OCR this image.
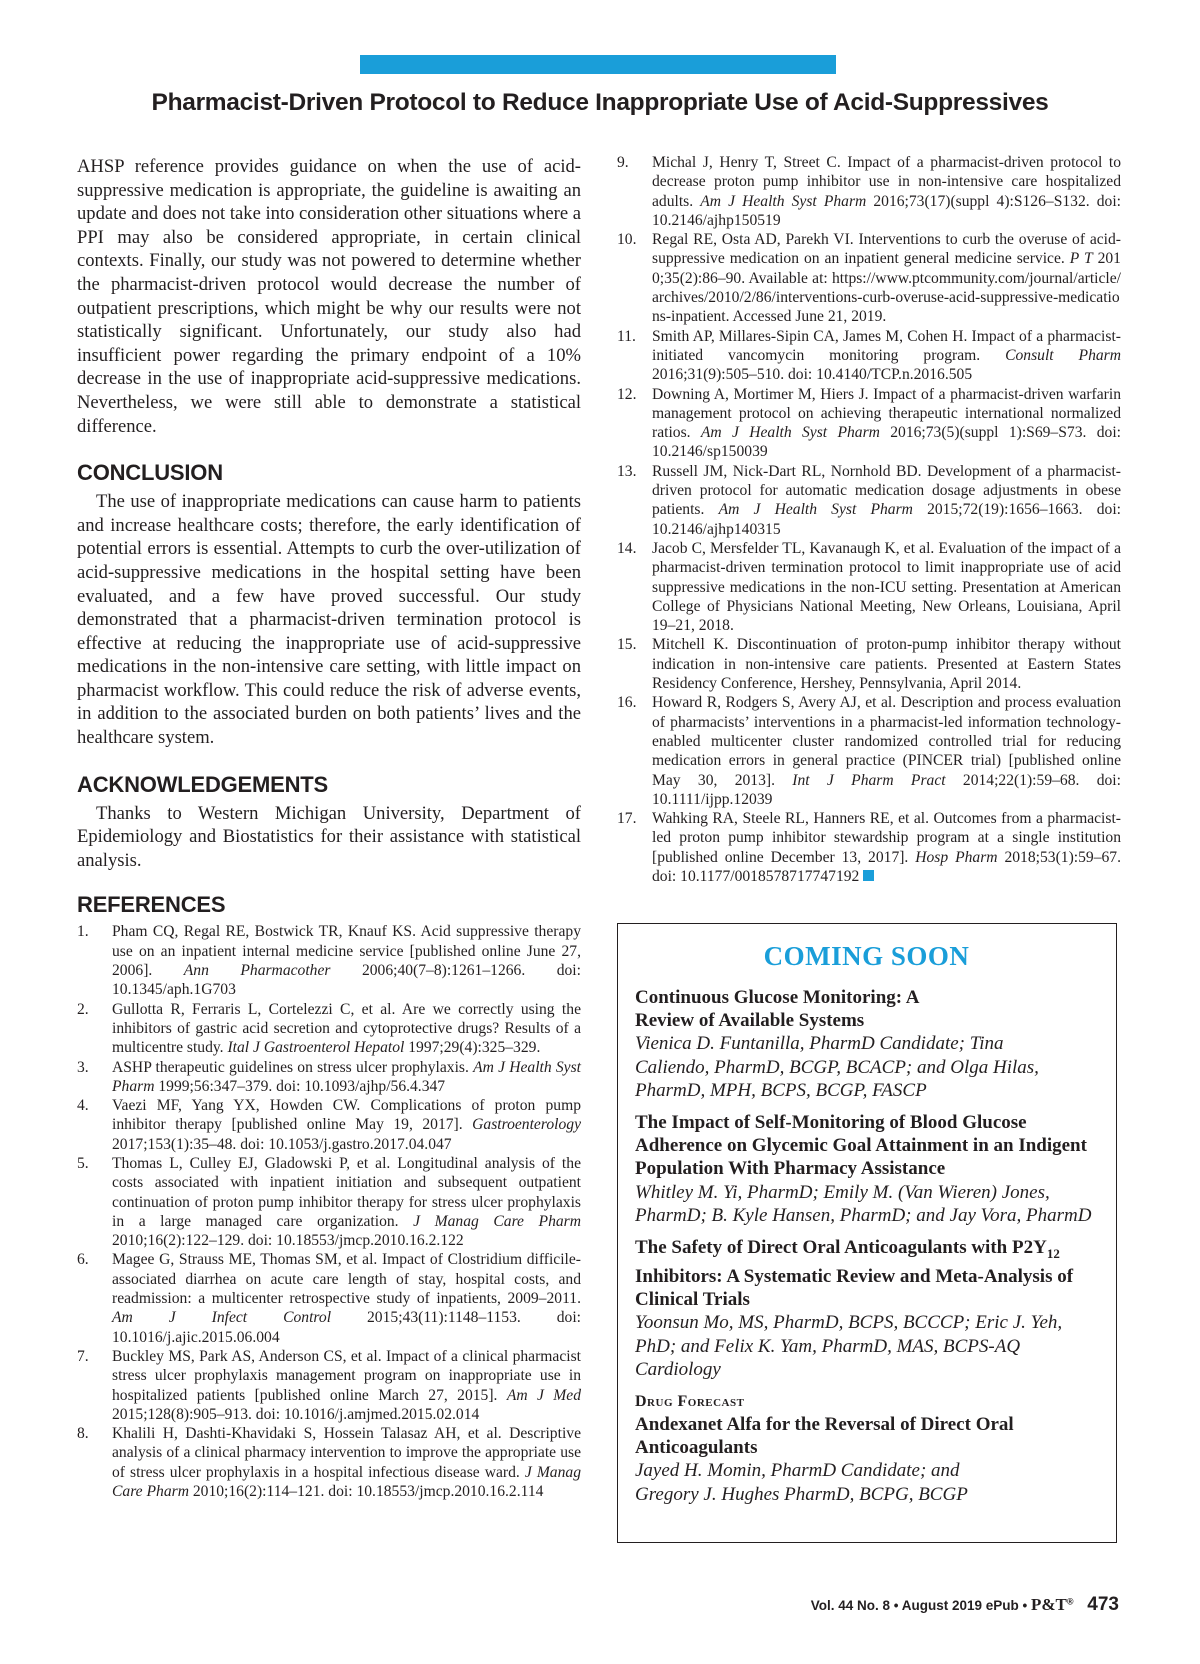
Pharmacist-Driven Protocol to Reduce Inappropriate Use of Acid-Suppressives

AHSP reference provides guidance on when the use of acid-suppressive medication is appropriate, the guideline is awaiting an update and does not take into consideration other situations where a PPI may also be considered appropriate, in certain clinical contexts. Finally, our study was not powered to determine whether the pharmacist-driven protocol would decrease the number of outpatient prescriptions, which might be why our results were not statistically significant. Unfortunately, our study also had insufficient power regarding the primary endpoint of a 10% decrease in the use of inappropriate acid-suppressive medications. Nevertheless, we were still able to demonstrate a statistical difference.

CONCLUSION

The use of inappropriate medications can cause harm to patients and increase healthcare costs; therefore, the early identification of potential errors is essential. Attempts to curb the over-utilization of acid-suppressive medications in the hospital setting have been evaluated, and a few have proved successful. Our study demonstrated that a pharmacist-driven termination protocol is effective at reducing the inappropriate use of acid-suppressive medications in the non-intensive care setting, with little impact on pharmacist workflow. This could reduce the risk of adverse events, in addition to the associated burden on both patients’ lives and the healthcare system.

ACKNOWLEDGEMENTS

Thanks to Western Michigan University, Department of Epidemiology and Biostatistics for their assistance with statistical analysis.

REFERENCES
1. Pham CQ, Regal RE, Bostwick TR, Knauf KS. Acid suppressive therapy use on an inpatient internal medicine service [published online June 27, 2006]. Ann Pharmacother 2006;40(7–8):1261–1266. doi: 10.1345/aph.1G703
2. Gullotta R, Ferraris L, Cortelezzi C, et al. Are we correctly using the inhibitors of gastric acid secretion and cytoprotective drugs? Results of a multicentre study. Ital J Gastroenterol Hepatol 1997;29(4):325–329.
3. ASHP therapeutic guidelines on stress ulcer prophylaxis. Am J Health Syst Pharm 1999;56:347–379. doi: 10.1093/ajhp/56.4.347
4. Vaezi MF, Yang YX, Howden CW. Complications of proton pump inhibitor therapy [published online May 19, 2017]. Gastroenterology 2017;153(1):35–48. doi: 10.1053/j.gastro.2017.04.047
5. Thomas L, Culley EJ, Gladowski P, et al. Longitudinal analysis of the costs associated with inpatient initiation and subsequent outpatient continuation of proton pump inhibitor therapy for stress ulcer prophylaxis in a large managed care organization. J Manag Care Pharm 2010;16(2):122–129. doi: 10.18553/jmcp.2010.16.2.122
6. Magee G, Strauss ME, Thomas SM, et al. Impact of Clostridium difficile-associated diarrhea on acute care length of stay, hospital costs, and readmission: a multicenter retrospective study of inpatients, 2009–2011. Am J Infect Control 2015;43(11):1148–1153. doi: 10.1016/j.ajic.2015.06.004
7. Buckley MS, Park AS, Anderson CS, et al. Impact of a clinical pharmacist stress ulcer prophylaxis management program on inappropriate use in hospitalized patients [published online March 27, 2015]. Am J Med 2015;128(8):905–913. doi: 10.1016/j.amjmed.2015.02.014
8. Khalili H, Dashti-Khavidaki S, Hossein Talasaz AH, et al. Descriptive analysis of a clinical pharmacy intervention to improve the appropriate use of stress ulcer prophylaxis in a hospital infectious disease ward. J Manag Care Pharm 2010;16(2):114–121. doi: 10.18553/jmcp.2010.16.2.114
9. Michal J, Henry T, Street C. Impact of a pharmacist-driven protocol to decrease proton pump inhibitor use in non-intensive care hospitalized adults. Am J Health Syst Pharm 2016;73(17)(suppl 4):S126–S132. doi: 10.2146/ajhp150519
10. Regal RE, Osta AD, Parekh VI. Interventions to curb the overuse of acid-suppressive medication on an inpatient general medicine service. P T 2010;35(2):86–90. Available at: https://www.ptcommunity.com/journal/article/archives/2010/2/86/interventions-curb-overuse-acid-suppressive-medications-inpatient. Accessed June 21, 2019.
11. Smith AP, Millares-Sipin CA, James M, Cohen H. Impact of a pharmacist-initiated vancomycin monitoring program. Consult Pharm 2016;31(9):505–510. doi: 10.4140/TCP.n.2016.505
12. Downing A, Mortimer M, Hiers J. Impact of a pharmacist-driven warfarin management protocol on achieving therapeutic international normalized ratios. Am J Health Syst Pharm 2016;73(5)(suppl 1):S69–S73. doi: 10.2146/sp150039
13. Russell JM, Nick-Dart RL, Nornhold BD. Development of a pharmacist-driven protocol for automatic medication dosage adjustments in obese patients. Am J Health Syst Pharm 2015;72(19):1656–1663. doi: 10.2146/ajhp140315
14. Jacob C, Mersfelder TL, Kavanaugh K, et al. Evaluation of the impact of a pharmacist-driven termination protocol to limit inappropriate use of acid suppressive medications in the non-ICU setting. Presentation at American College of Physicians National Meeting, New Orleans, Louisiana, April 19–21, 2018.
15. Mitchell K. Discontinuation of proton-pump inhibitor therapy without indication in non-intensive care patients. Presented at Eastern States Residency Conference, Hershey, Pennsylvania, April 2014.
16. Howard R, Rodgers S, Avery AJ, et al. Description and process evaluation of pharmacists’ interventions in a pharmacist-led information technology-enabled multicenter cluster randomized controlled trial for reducing medication errors in general practice (PINCER trial) [published online May 30, 2013]. Int J Pharm Pract 2014;22(1):59–68. doi: 10.1111/ijpp.12039
17. Wahking RA, Steele RL, Hanners RE, et al. Outcomes from a pharmacist-led proton pump inhibitor stewardship program at a single institution [published online December 13, 2017]. Hosp Pharm 2018;53(1):59–67. doi: 10.1177/0018578717747192
COMING SOON

Continuous Glucose Monitoring: A Review of Available Systems

Vienica D. Funtanilla, PharmD Candidate; Tina Caliendo, PharmD, BCGP, BCACP; and Olga Hilas, PharmD, MPH, BCPS, BCGP, FASCP

The Impact of Self-Monitoring of Blood Glucose Adherence on Glycemic Goal Attainment in an Indigent Population With Pharmacy Assistance

Whitley M. Yi, PharmD; Emily M. (Van Wieren) Jones, PharmD; B. Kyle Hansen, PharmD; and Jay Vora, PharmD

The Safety of Direct Oral Anticoagulants with $P2Y_{12}$ Inhibitors: A Systematic Review and Meta-Analysis of Clinical Trials

Yoonsun Mo, MS, PharmD, BCPS, BCCCP; Eric J. Yeh, PhD; and Felix K. Yam, PharmD, MAS, BCPS-AQ Cardiology

Drug Forecast

Andexanet Alfa for the Reversal of Direct Oral Anticoagulants

Jayed H. Momin, PharmD Candidate; and Gregory J. Hughes PharmD, BCPG, BCGP

Vol. 44 No. 8 • August 2019 ePub • P&T® 473
